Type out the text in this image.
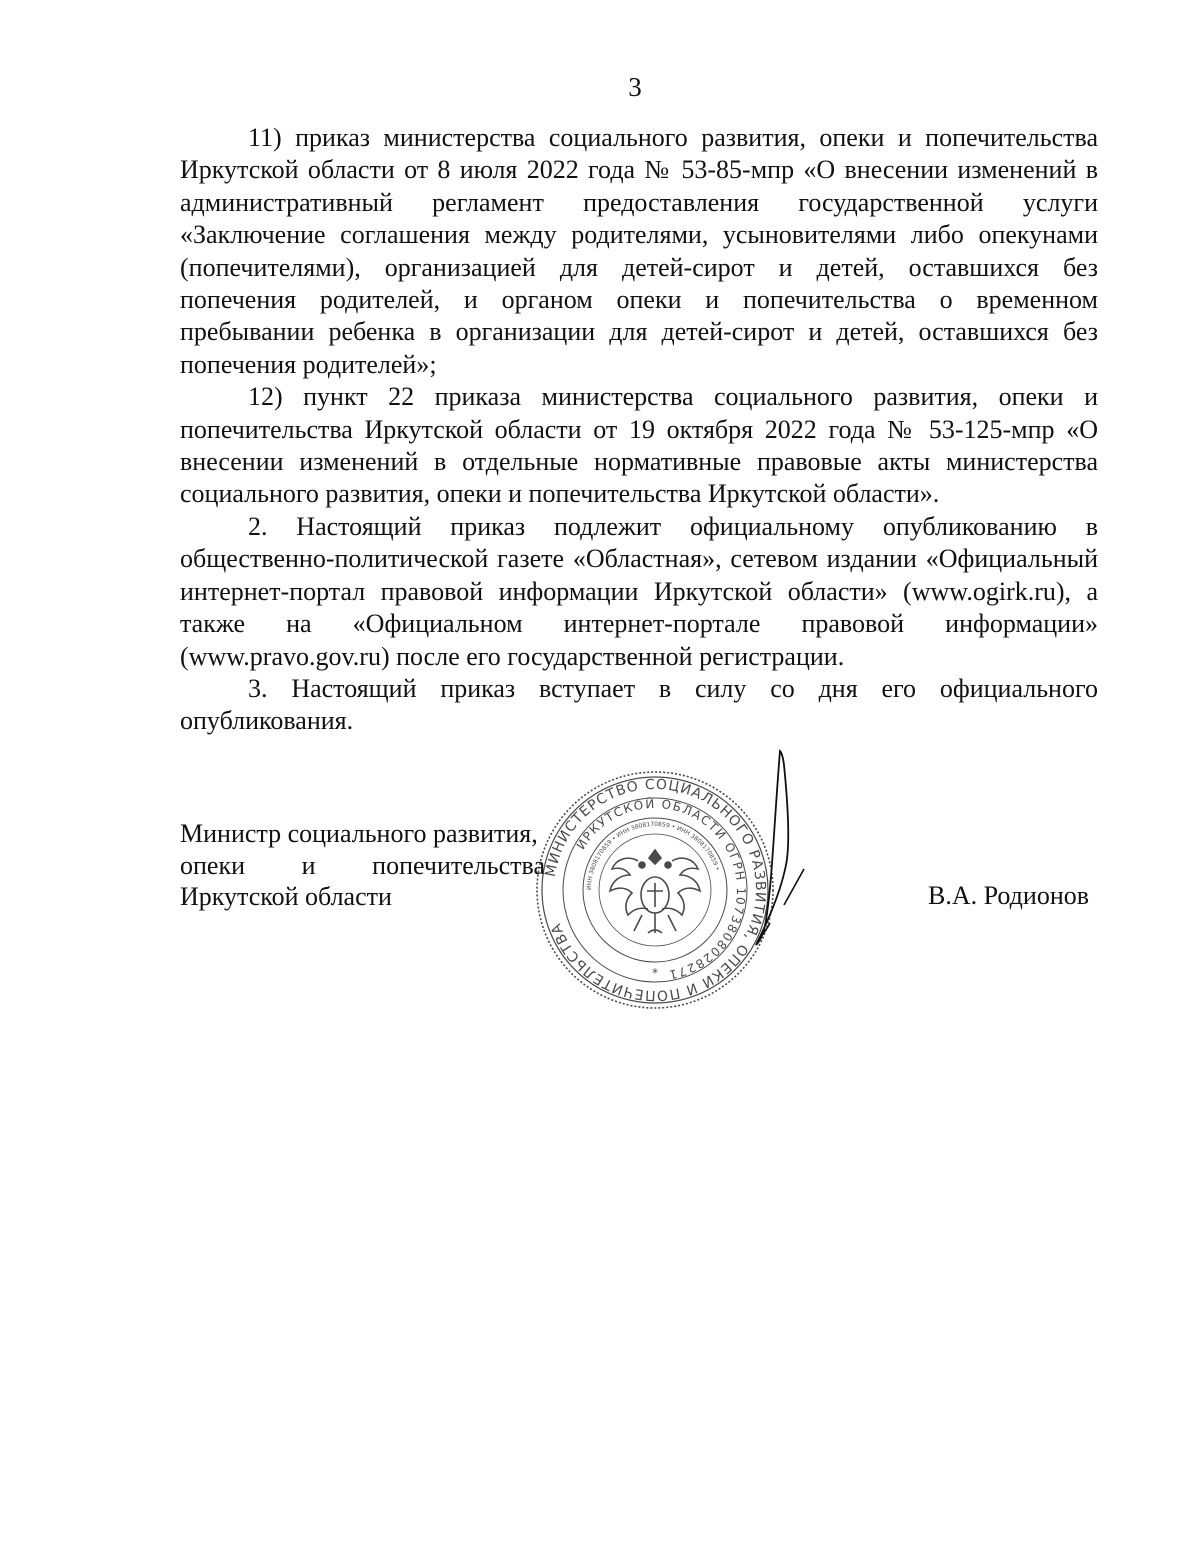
3

11) приказ министерства социального развития, опеки и попечительства Иркутской области от 8 июля 2022 года № 53-85-мпр «О внесении изменений в административный регламент предоставления государственной услуги «Заключение соглашения между родителями, усыновителями либо опекунами (попечителями), организацией для детей-сирот и детей, оставшихся без попечения родителей, и органом опеки и попечительства о временном пребывании ребенка в организации для детей-сирот и детей, оставшихся без попечения родителей»;

12) пункт 22 приказа министерства социального развития, опеки и попечительства Иркутской области от 19 октября 2022 года № 53-125-мпр «О внесении изменений в отдельные нормативные правовые акты министерства социального развития, опеки и попечительства Иркутской области».

2. Настоящий приказ подлежит официальному опубликованию в общественно-политической газете «Областная», сетевом издании «Официальный интернет-портал правовой информации Иркутской области» (www.ogirk.ru), а также на «Официальном интернет-портале правовой информации» (www.pravo.gov.ru) после его государственной регистрации.

3. Настоящий приказ вступает в силу со дня его официального опубликования.

Министр социального развития,
опеки и попечительства
Иркутской области	В.А. Родионов
МИНИСТЕРСТВО СОЦИАЛЬНОГО РАЗВИТИЯ, ОПЕКИ И ПОПЕЧИТЕЛЬСТВА
ИРКУТСКОЙ ОБЛАСТИ ОГРН 1073808028271
ИНН 3808170859 • ИНН 3808170859 • ИНН 3808170859 •
*
